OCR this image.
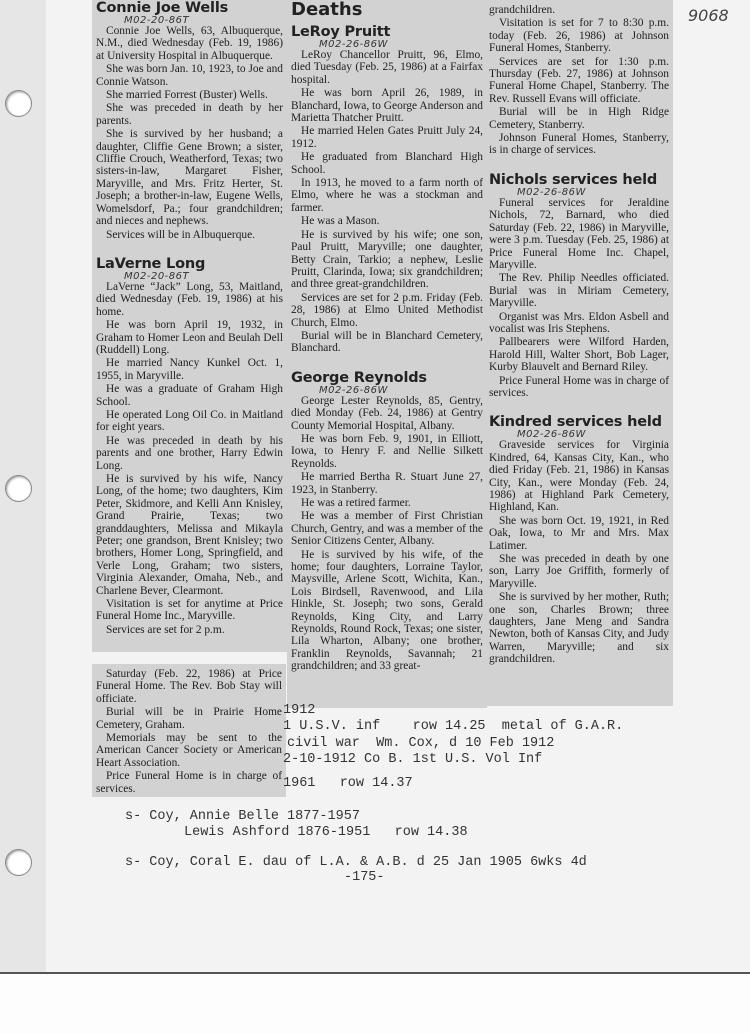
9068
Connie Joe Wells
M02-20-86T

Connie Joe Wells, 63, Albuquerque, N.M., died Wednesday (Feb. 19, 1986) at University Hospital in Albuquerque.

She was born Jan. 10, 1923, to Joe and Connie Watson.

She married Forrest (Buster) Wells.

She was preceded in death by her parents.

She is survived by her husband; a daughter, Cliffie Gene Brown; a sister, Cliffie Crouch, Weatherford, Texas; two sisters-in-law, Margaret Fisher, Maryville, and Mrs. Fritz Herter, St. Joseph; a brother-in-law, Eugene Wells, Womelsdorf, Pa.; four grandchildren; and nieces and nephews.

Services will be in Albuquerque.

LaVerne Long
M02-20-86T

LaVerne “Jack” Long, 53, Maitland, died Wednesday (Feb. 19, 1986) at his home.

He was born April 19, 1932, in Graham to Homer Leon and Beulah Dell (Ruddell) Long.

He married Nancy Kunkel Oct. 1, 1955, in Maryville.

He was a graduate of Graham High School.

He operated Long Oil Co. in Maitland for eight years.

He was preceded in death by his parents and one brother, Harry Edwin Long.

He is survived by his wife, Nancy Long, of the home; two daughters, Kim Peter, Skidmore, and Kelli Ann Knisley, Grand Prairie, Texas; two granddaughters, Melissa and Mikayla Peter; one grandson, Brent Knisley; two brothers, Homer Long, Springfield, and Verle Long, Graham; two sisters, Virginia Alexander, Omaha, Neb., and Charlene Bever, Clearmont.

Visitation is set for anytime at Price Funeral Home Inc., Maryville.

Services are set for 2 p.m.

Saturday (Feb. 22, 1986) at Price Funeral Home. The Rev. Bob Stay will officiate.

Burial will be in Prairie Home Cemetery, Graham.

Memorials may be sent to the American Cancer Society or American Heart Association.

Price Funeral Home is in charge of services.

Deaths
LeRoy Pruitt
M02-26-86W

LeRoy Chancellor Pruitt, 96, Elmo, died Tuesday (Feb. 25, 1986) at a Fairfax hospital.

He was born April 26, 1989, in Blanchard, Iowa, to George Anderson and Marietta Thatcher Pruitt.

He married Helen Gates Pruitt July 24, 1912.

He graduated from Blanchard High School.

In 1913, he moved to a farm north of Elmo, where he was a stockman and farmer.

He was a Mason.

He is survived by his wife; one son, Paul Pruitt, Maryville; one daughter, Betty Crain, Tarkio; a nephew, Leslie Pruitt, Clarinda, Iowa; six grandchildren; and three great-grandchildren.

Services are set for 2 p.m. Friday (Feb. 28, 1986) at Elmo United Methodist Church, Elmo.

Burial will be in Blanchard Cemetery, Blanchard.

George Reynolds
M02-26-86W

George Lester Reynolds, 85, Gentry, died Monday (Feb. 24, 1986) at Gentry County Memorial Hospital, Albany.

He was born Feb. 9, 1901, in Elliott, Iowa, to Henry F. and Nellie Silkett Reynolds.

He married Bertha R. Stuart June 27, 1923, in Stanberry.

He was a retired farmer.

He was a member of First Christian Church, Gentry, and was a member of the Senior Citizens Center, Albany.

He is survived by his wife, of the home; four daughters, Lorraine Taylor, Maysville, Arlene Scott, Wichita, Kan., Lois Birdsell, Ravenwood, and Lila Hinkle, St. Joseph; two sons, Gerald Reynolds, King City, and Larry Reynolds, Round Rock, Texas; one sister, Lila Wharton, Albany; one brother, Franklin Reynolds, Savannah; 21 grandchildren; and 33 great-

grandchildren.

Visitation is set for 7 to 8:30 p.m. today (Feb. 26, 1986) at Johnson Funeral Homes, Stanberry.

Services are set for 1:30 p.m. Thursday (Feb. 27, 1986) at Johnson Funeral Home Chapel, Stanberry. The Rev. Russell Evans will officiate.

Burial will be in High Ridge Cemetery, Stanberry.

Johnson Funeral Homes, Stanberry, is in charge of services.

Nichols services held
M02-26-86W

Funeral services for Jeraldine Nichols, 72, Barnard, who died Saturday (Feb. 22, 1986) in Maryville, were 3 p.m. Tuesday (Feb. 25, 1986) at Price Funeral Home Inc. Chapel, Maryville.

The Rev. Philip Needles officiated. Burial was in Miriam Cemetery, Maryville.

Organist was Mrs. Eldon Asbell and vocalist was Iris Stephens.

Pallbearers were Wilford Harden, Harold Hill, Walter Short, Bob Lager, Kurby Blauvelt and Bernard Riley.

Price Funeral Home was in charge of services.

Kindred services held
M02-26-86W

Graveside services for Virginia Kindred, 64, Kansas City, Kan., who died Friday (Feb. 21, 1986) in Kansas City, Kan., were Monday (Feb. 24, 1986) at Highland Park Cemetery, Highland, Kan.

She was born Oct. 19, 1921, in Red Oak, Iowa, to Mr and Mrs. Max Latimer.

She was preceded in death by one son, Larry Joe Griffith, formerly of Maryville.

She is survived by her mother, Ruth; one son, Charles Brown; three daughters, Jane Meng and Sandra Newton, both of Kansas City, and Judy Warren, Maryville; and six grandchildren.

1912
1 U.S.V. inf    row 14.25  metal of G.A.R.
civil war  Wm. Cox, d 10 Feb 1912
2-10-1912 Co B. 1st U.S. Vol Inf
1961   row 14.37
s- Coy, Annie Belle 1877-1957
Lewis Ashford 1876-1951   row 14.38
s- Coy, Coral E. dau of L.A. & A.B. d 25 Jan 1905 6wks 4d
-175-
